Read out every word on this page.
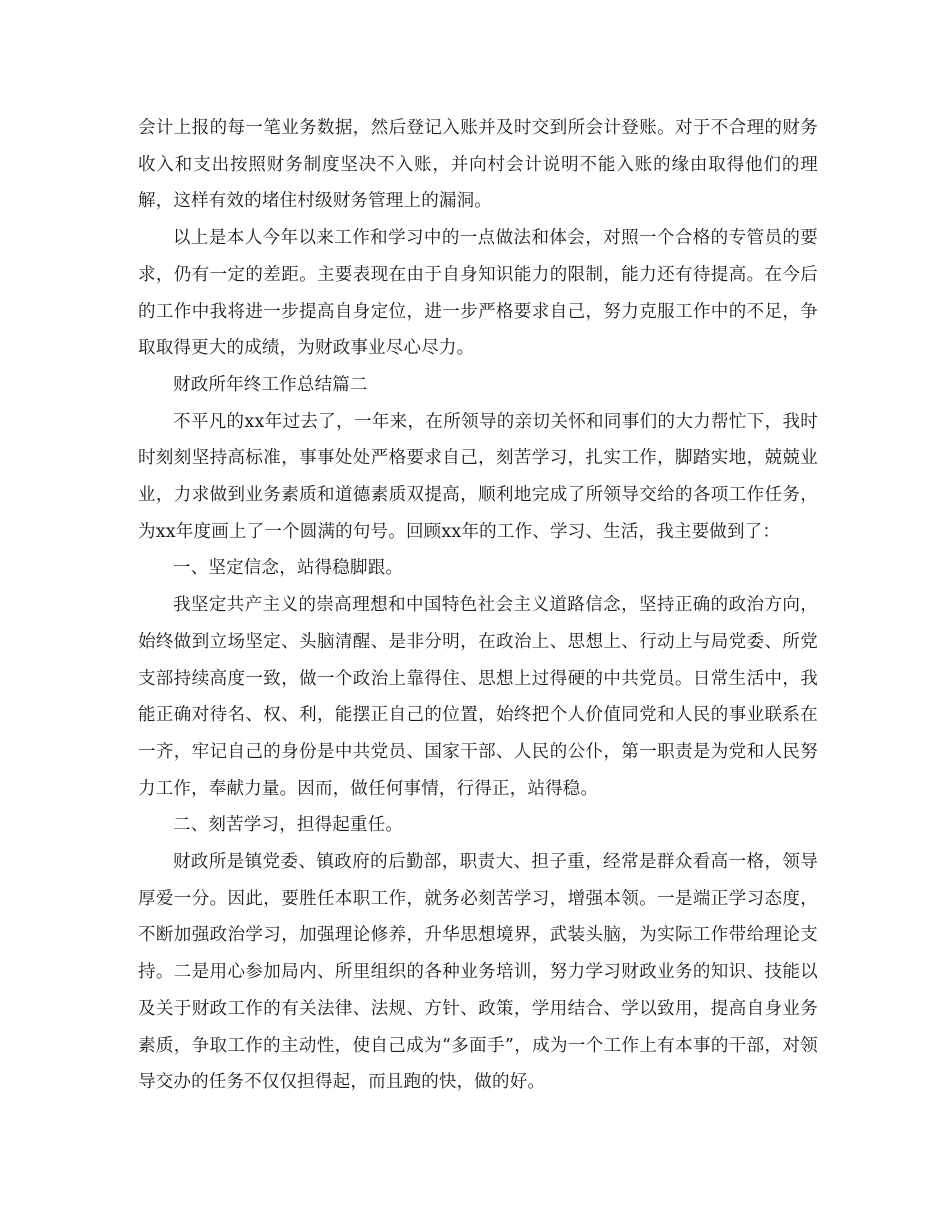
会计上报的每一笔业务数据，然后登记入账并及时交到所会计登账。对于不合理的财务收入和支出按照财务制度坚决不入账，并向村会计说明不能入账的缘由取得他们的理解，这样有效的堵住村级财务管理上的漏洞。

以上是本人今年以来工作和学习中的一点做法和体会，对照一个合格的专管员的要求，仍有一定的差距。主要表现在由于自身知识能力的限制，能力还有待提高。在今后的工作中我将进一步提高自身定位，进一步严格要求自己，努力克服工作中的不足，争取取得更大的成绩，为财政事业尽心尽力。

财政所年终工作总结篇二

不平凡的xx年过去了，一年来，在所领导的亲切关怀和同事们的大力帮忙下，我时时刻刻坚持高标准，事事处处严格要求自己，刻苦学习，扎实工作，脚踏实地，兢兢业业，力求做到业务素质和道德素质双提高，顺利地完成了所领导交给的各项工作任务，为xx年度画上了一个圆满的句号。回顾xx年的工作、学习、生活，我主要做到了：

一、坚定信念，站得稳脚跟。

我坚定共产主义的崇高理想和中国特色社会主义道路信念，坚持正确的政治方向，始终做到立场坚定、头脑清醒、是非分明，在政治上、思想上、行动上与局党委、所党支部持续高度一致，做一个政治上靠得住、思想上过得硬的中共党员。日常生活中，我能正确对待名、权、利，能摆正自己的位置，始终把个人价值同党和人民的事业联系在一齐，牢记自己的身份是中共党员、国家干部、人民的公仆，第一职责是为党和人民努力工作，奉献力量。因而，做任何事情，行得正，站得稳。

二、刻苦学习，担得起重任。

财政所是镇党委、镇政府的后勤部，职责大、担子重，经常是群众看高一格，领导厚爱一分。因此，要胜任本职工作，就务必刻苦学习，增强本领。一是端正学习态度，不断加强政治学习，加强理论修养，升华思想境界，武装头脑，为实际工作带给理论支持。二是用心参加局内、所里组织的各种业务培训，努力学习财政业务的知识、技能以及关于财政工作的有关法律、法规、方针、政策，学用结合、学以致用，提高自身业务素质，争取工作的主动性，使自己成为“多面手”，成为一个工作上有本事的干部，对领导交办的任务不仅仅担得起，而且跑的快，做的好。
